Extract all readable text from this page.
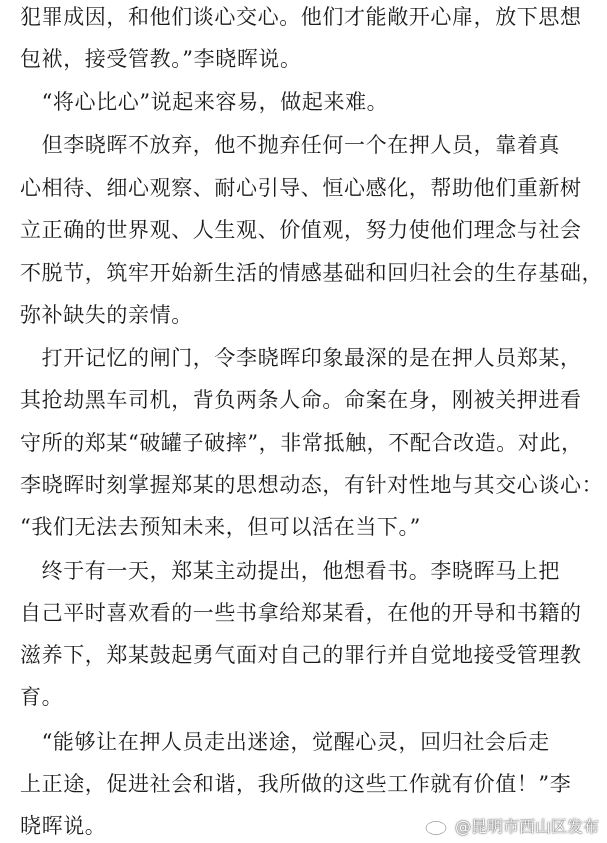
犯罪成因，和他们谈心交心。他们才能敞开心扉，放下思想
包袱，接受管教。”李晓晖说。
　“将心比心”说起来容易，做起来难。
　但李晓晖不放弃，他不抛弃任何一个在押人员，靠着真
心相待、细心观察、耐心引导、恒心感化，帮助他们重新树
立正确的世界观、人生观、价值观，努力使他们理念与社会
不脱节，筑牢开始新生活的情感基础和回归社会的生存基础，
弥补缺失的亲情。
　打开记忆的闸门，令李晓晖印象最深的是在押人员郑某，
其抢劫黑车司机，背负两条人命。命案在身，刚被关押进看
守所的郑某“破罐子破摔”，非常抵触，不配合改造。对此，
李晓晖时刻掌握郑某的思想动态，有针对性地与其交心谈心：
“我们无法去预知未来，但可以活在当下。”
　终于有一天，郑某主动提出，他想看书。李晓晖马上把
自己平时喜欢看的一些书拿给郑某看，在他的开导和书籍的
滋养下，郑某鼓起勇气面对自己的罪行并自觉地接受管理教
育。
　“能够让在押人员走出迷途，觉醒心灵，回归社会后走
上正途，促进社会和谐，我所做的这些工作就有价值！”李
晓晖说。	@昆明市西山区发布
